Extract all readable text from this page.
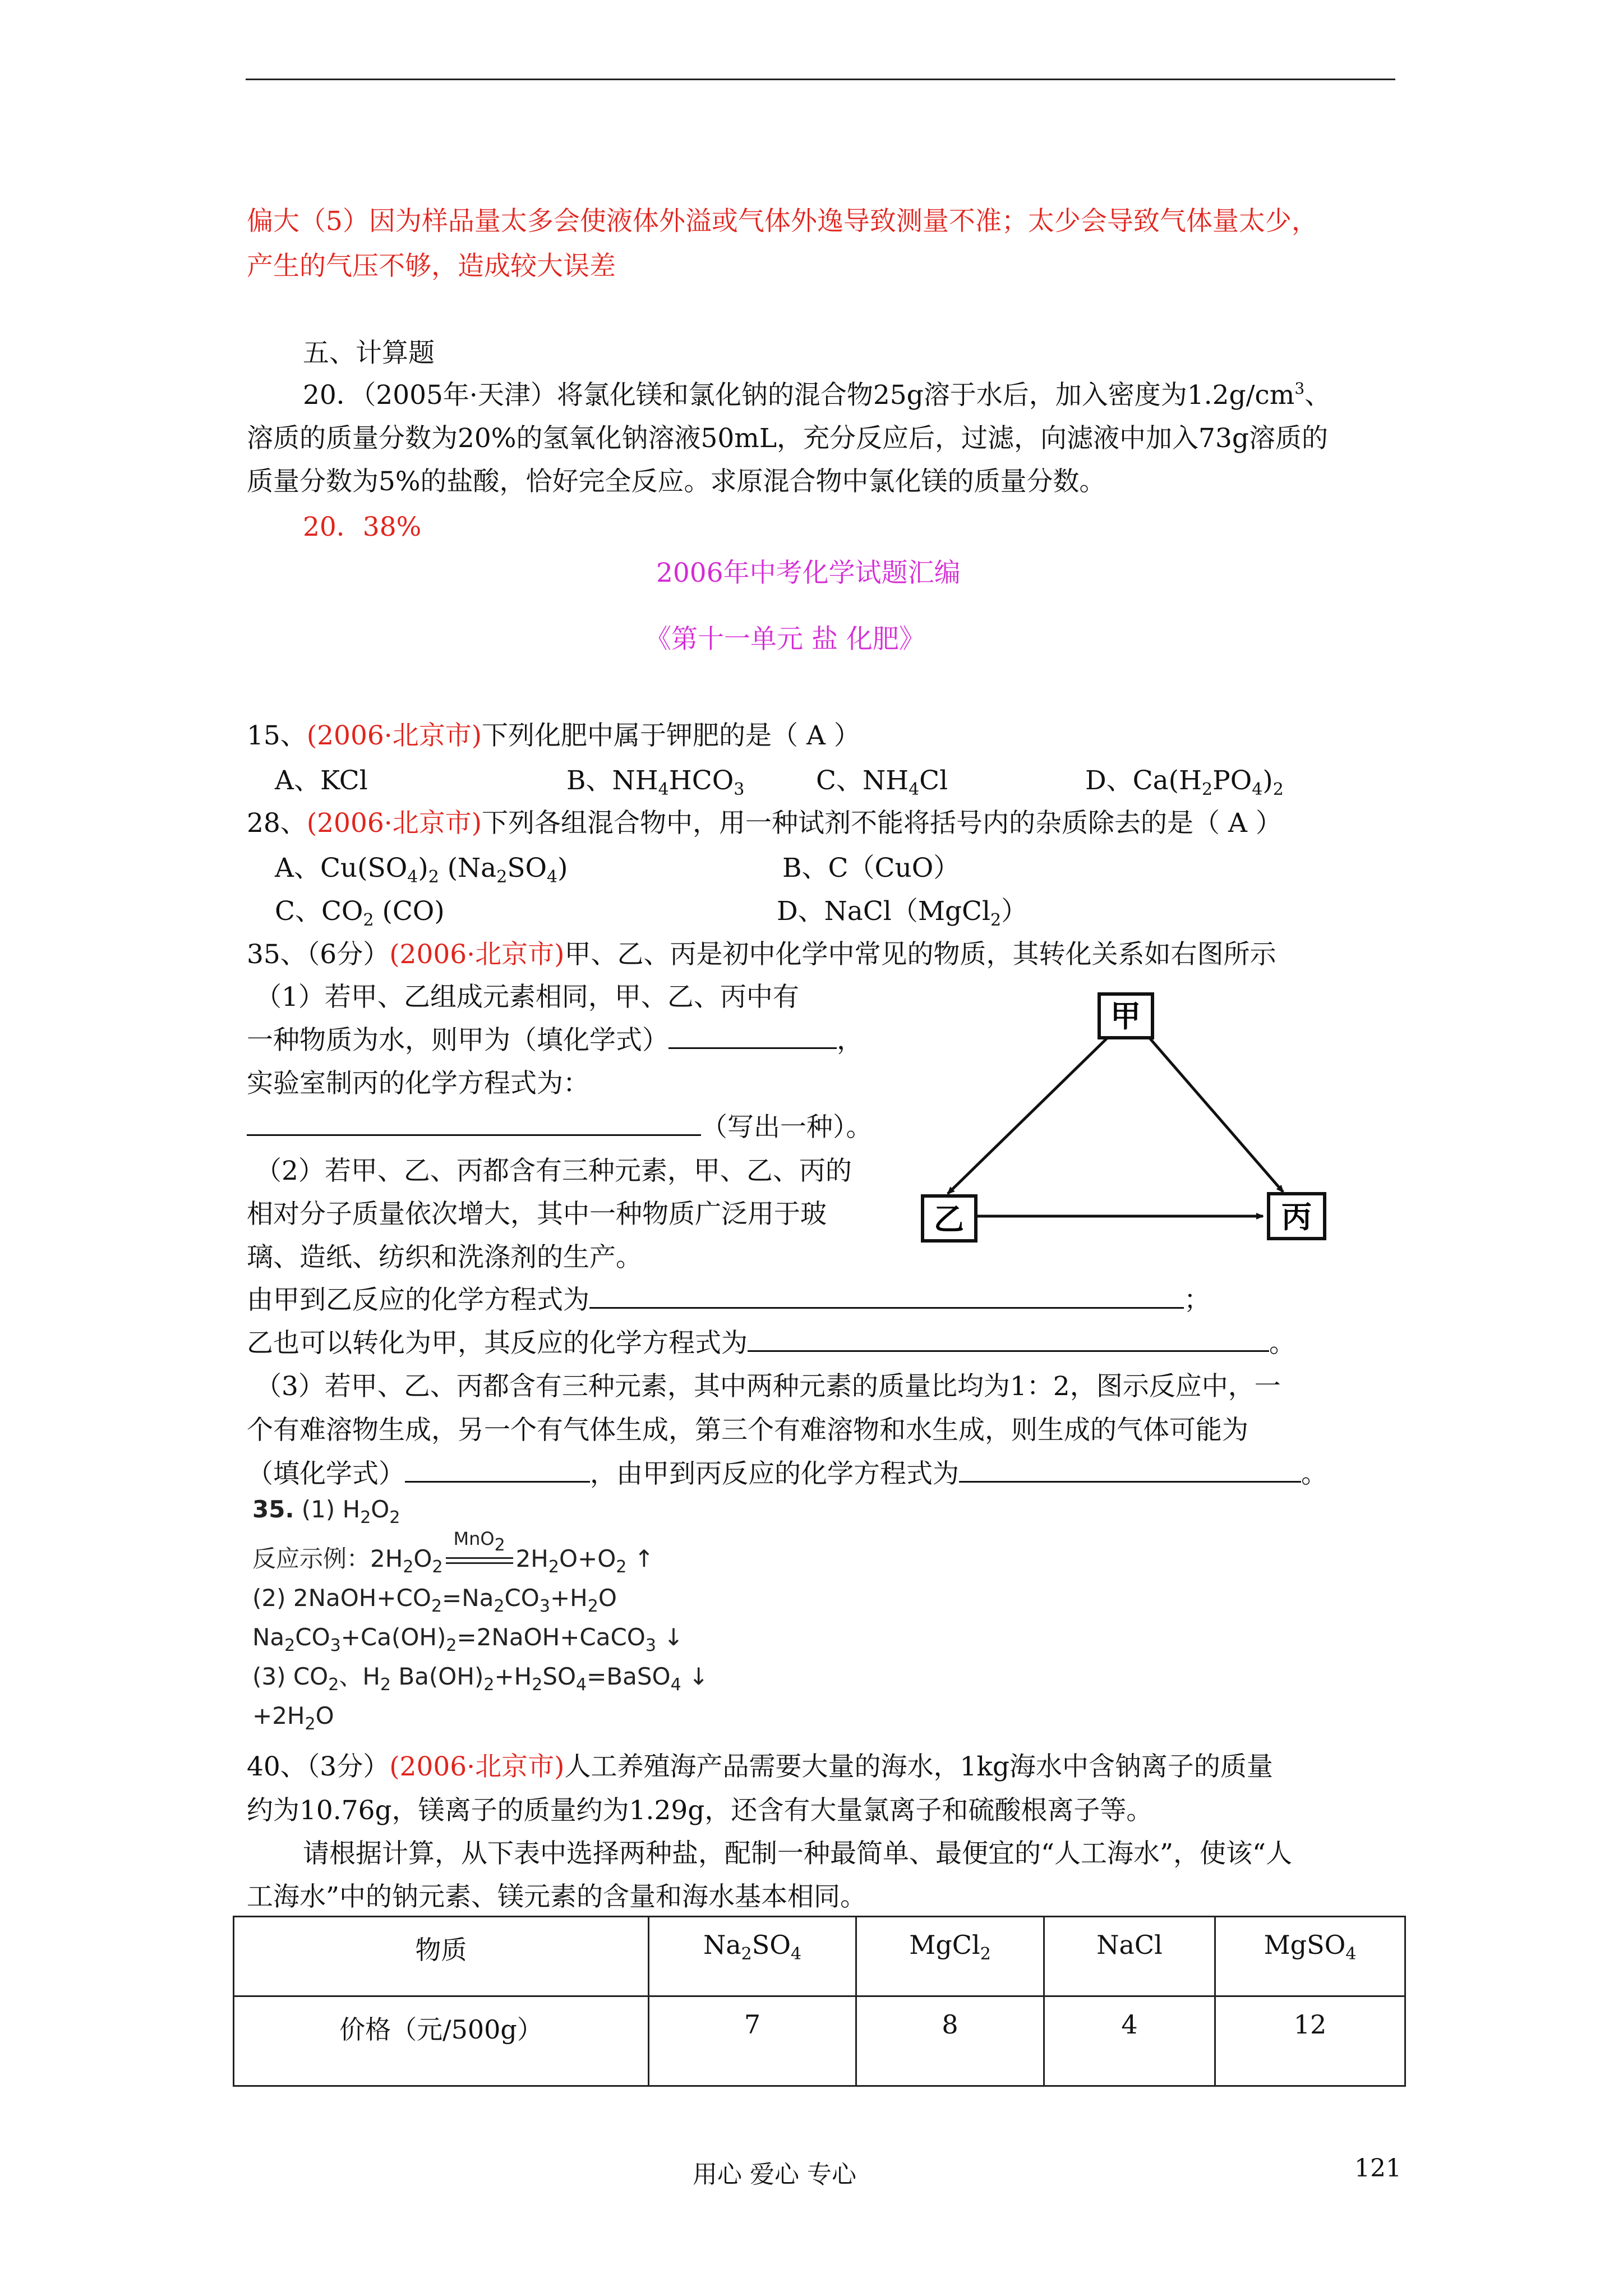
偏大（5）因为样品量太多会使液体外溢或气体外逸导致测量不准；太少会导致气体量太少，
产生的气压不够，造成较大误差
五、计算题
20．（2005年·天津）将氯化镁和氯化钠的混合物25g溶于水后，加入密度为$1.2g/cm^3$、
溶质的质量分数为20%的氢氧化钠溶液50mL，充分反应后，过滤，向滤液中加入73g溶质的
质量分数为5%的盐酸，恰好完全反应。求原混合物中氯化镁的质量分数。
20．38%
2006年中考化学试题汇编
《第十一单元 盐 化肥》
15、(2006·北京市)下列化肥中属于钾肥的是（ A ）
A、KCl	B、$NH_4HCO_3$	C、$NH_4Cl$	D、$Ca(H_2PO_4)_2$
28、(2006·北京市)下列各组混合物中，用一种试剂不能将括号内的杂质除去的是（ A ）
A、$Cu(SO_4)_2$ $(Na_2SO_4)$	B、C（CuO）
C、$CO_2$ (CO)	D、NaCl（MgCl$_2$）
35、（6分）(2006·北京市)甲、乙、丙是初中化学中常见的物质，其转化关系如右图所示
（1）若甲、乙组成元素相同，甲、乙、丙中有
一种物质为水，则甲为（填化学式）	，
实验室制丙的化学方程式为：
（写出一种）。
（2）若甲、乙、丙都含有三种元素，甲、乙、丙的
相对分子质量依次增大，其中一种物质广泛用于玻
璃、造纸、纺织和洗涤剂的生产。
由甲到乙反应的化学方程式为	；
乙也可以转化为甲，其反应的化学方程式为	。
（3）若甲、乙、丙都含有三种元素，其中两种元素的质量比均为1：2，图示反应中，一
个有难溶物生成，另一个有气体生成，第三个有难溶物和水生成，则生成的气体可能为
（填化学式）	，由甲到丙反应的化学方程式为	。
甲
乙	丙
35. (1) $H_2O_2$
反应示例：$2H_2O_2$
MnO$_2$ $2H_2O+O_2$ ↑
(2) $2NaOH+CO_2=Na_2CO_3+H_2O$
$Na_2CO_3+Ca(OH)_2=2NaOH+CaCO_3$ ↓
(3) $CO_2$、$H_2$ $Ba(OH)_2+H_2SO_4=BaSO_4$ ↓
$+2H_2O$
40、（3分）(2006·北京市)人工养殖海产品需要大量的海水，1kg海水中含钠离子的质量
约为10.76g，镁离子的质量约为1.29g，还含有大量氯离子和硫酸根离子等。
请根据计算，从下表中选择两种盐，配制一种最简单、最便宜的“人工海水”，使该“人
工海水”中的钠元素、镁元素的含量和海水基本相同。
物质	$Na_2SO_4$	MgCl$_2$	NaCl	MgSO$_4$
价格（元/500g）	7	8	4	12
用心 爱心 专心	121
